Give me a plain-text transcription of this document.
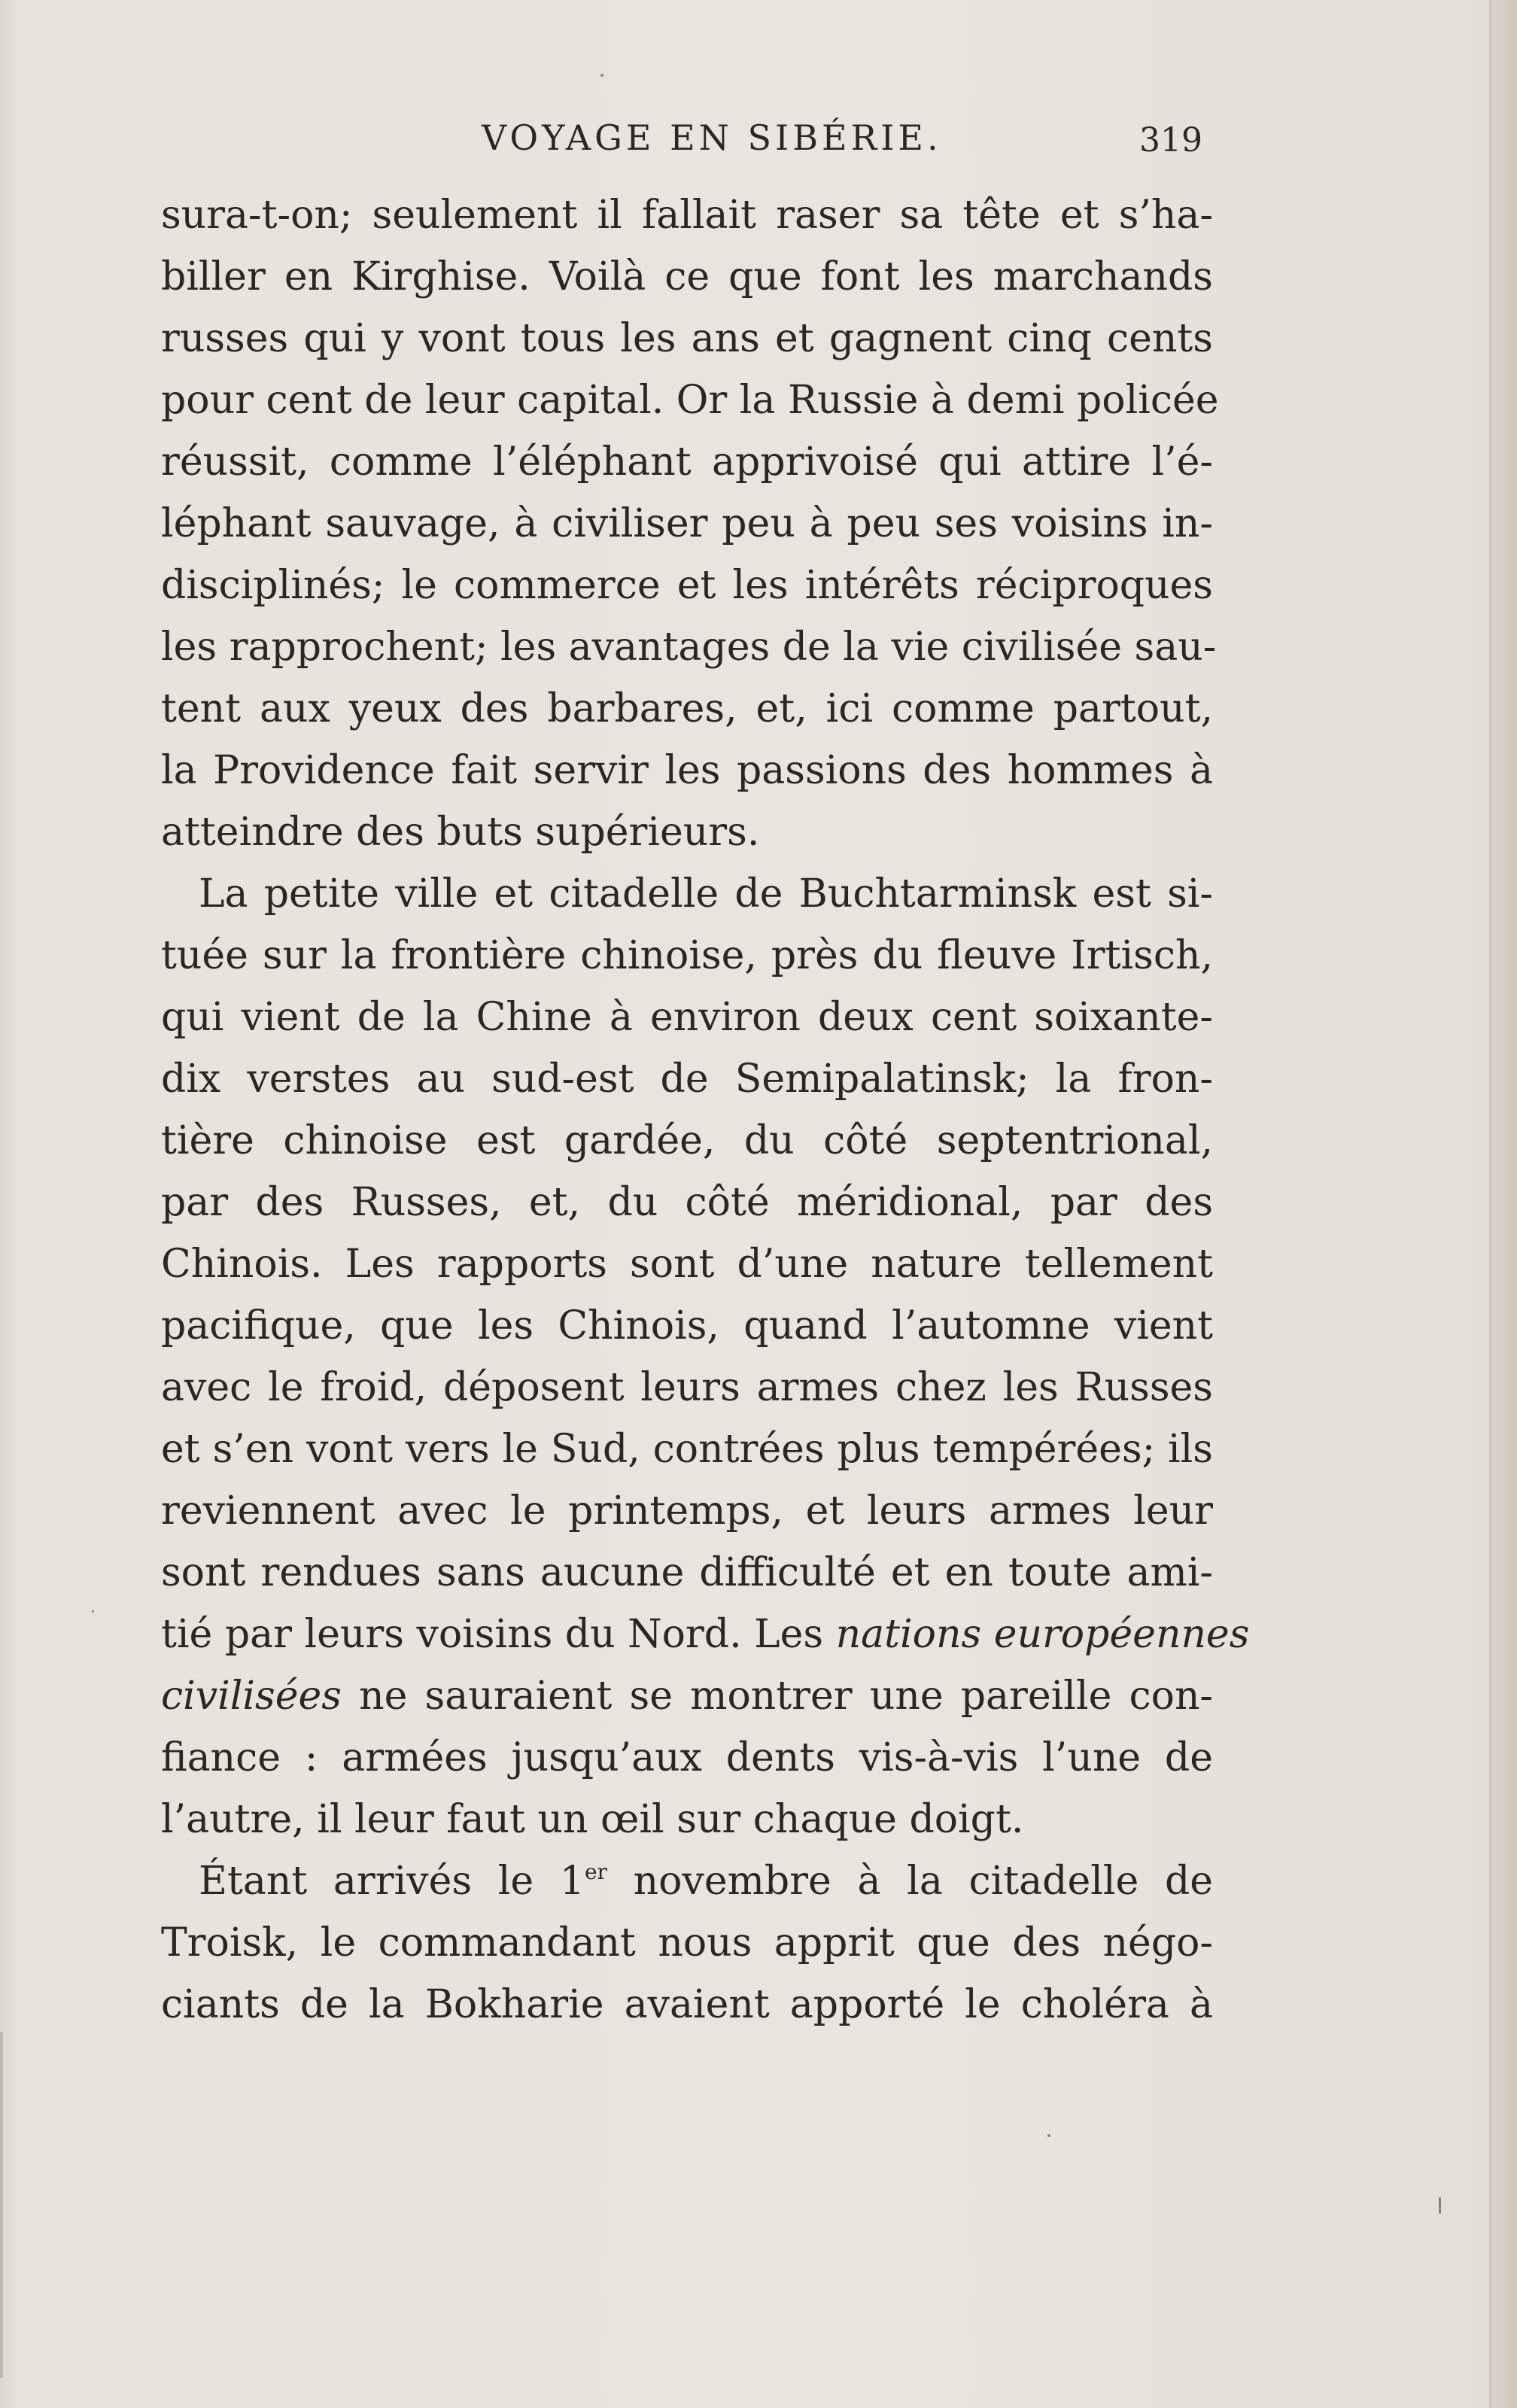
VOYAGE EN SIBÉRIE.	319
sura-t-on; seulement il fallait raser sa tête et s’ha-
biller en Kirghise. Voilà ce que font les marchands
russes qui y vont tous les ans et gagnent cinq cents
pour cent de leur capital. Or la Russie à demi policée
réussit, comme l’éléphant apprivoisé qui attire l’é-
léphant sauvage, à civiliser peu à peu ses voisins in-
disciplinés; le commerce et les intérêts réciproques
les rapprochent; les avantages de la vie civilisée sau-
tent aux yeux des barbares, et, ici comme partout,
la Providence fait servir les passions des hommes à
atteindre des buts supérieurs.
La petite ville et citadelle de Buchtarminsk est si-
tuée sur la frontière chinoise, près du fleuve Irtisch,
qui vient de la Chine à environ deux cent soixante-
dix verstes au sud-est de Semipalatinsk; la fron-
tière chinoise est gardée, du côté septentrional,
par des Russes, et, du côté méridional, par des
Chinois. Les rapports sont d’une nature tellement
pacifique, que les Chinois, quand l’automne vient
avec le froid, déposent leurs armes chez les Russes
et s’en vont vers le Sud, contrées plus tempérées; ils
reviennent avec le printemps, et leurs armes leur
sont rendues sans aucune difficulté et en toute ami-
tié par leurs voisins du Nord. Les nations européennes
civilisées ne sauraient se montrer une pareille con-
fiance : armées jusqu’aux dents vis-à-vis l’une de
l’autre, il leur faut un œil sur chaque doigt.
Étant arrivés le 1er novembre à la citadelle de
Troisk, le commandant nous apprit que des négo-
ciants de la Bokharie avaient apporté le choléra à
